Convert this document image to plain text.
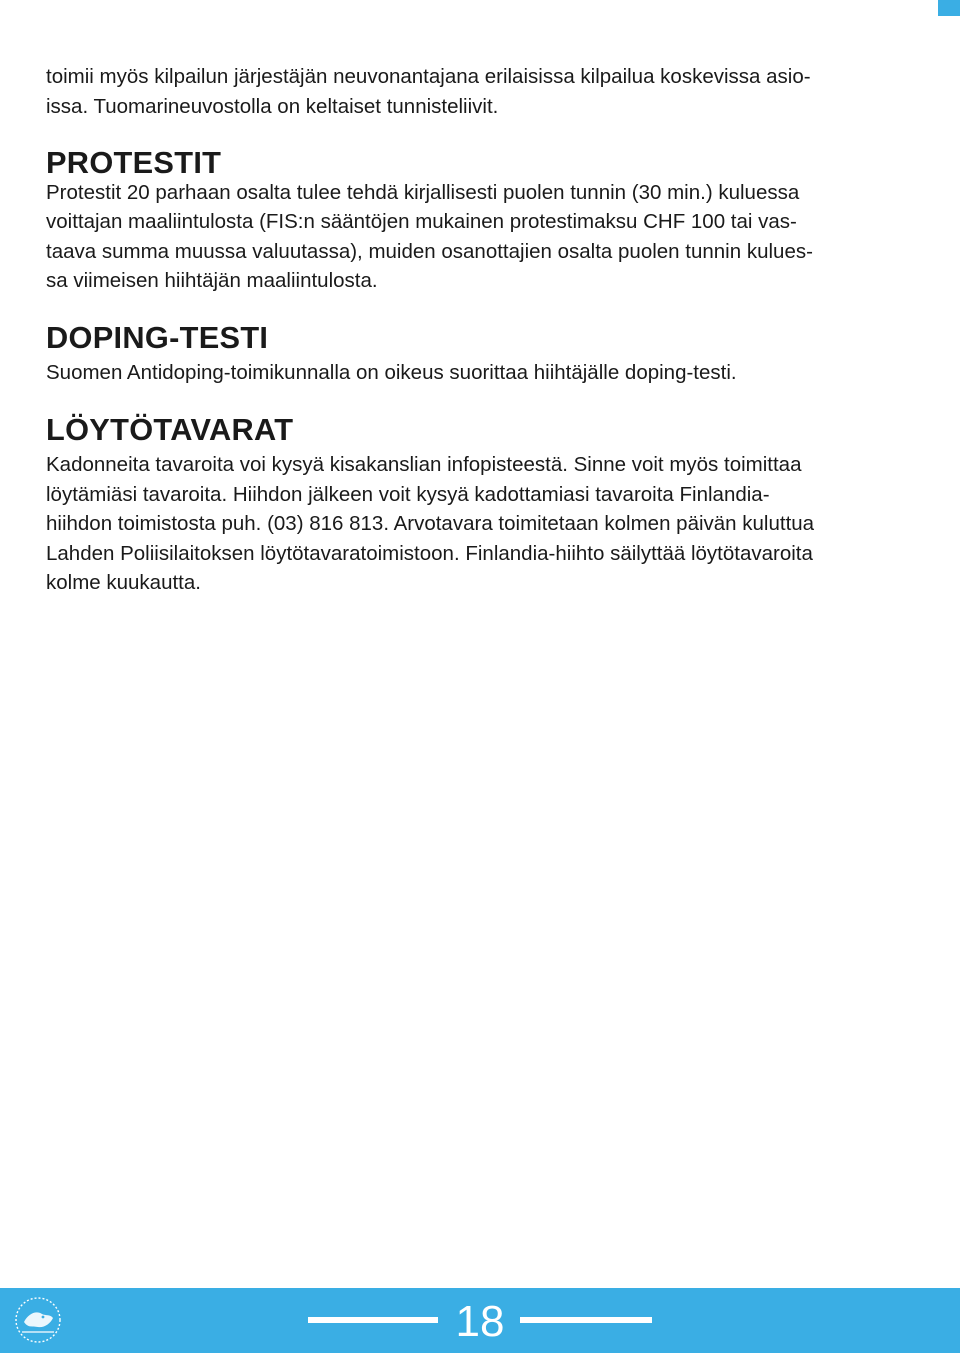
toimii myös kilpailun järjestäjän neuvonantajana erilaisissa kilpailua koskevissa asio-
issa. Tuomarineuvostolla on keltaiset tunnisteliivit.

PROTESTIT

Protestit 20 parhaan osalta tulee tehdä kirjallisesti puolen tunnin (30 min.) kuluessa
voittajan maaliintulosta (FIS:n sääntöjen mukainen protestimaksu CHF 100 tai vas-
taava summa muussa valuutassa), muiden osanottajien osalta puolen tunnin kulues-
sa viimeisen hiihtäjän maaliintulosta.

DOPING-TESTI

Suomen Antidoping-toimikunnalla on oikeus suorittaa hiihtäjälle doping-testi.

LÖYTÖTAVARAT

Kadonneita tavaroita voi kysyä kisakanslian infopisteestä. Sinne voit myös toimittaa
löytämiäsi tavaroita. Hiihdon jälkeen voit kysyä kadottamiasi tavaroita Finlandia-
hiihdon toimistosta puh. (03) 816 813. Arvotavara toimitetaan kolmen päivän kuluttua
Lahden Poliisilaitoksen löytötavaratoimistoon. Finlandia-hiihto säilyttää löytötavaroita
kolme kuukautta.

18
